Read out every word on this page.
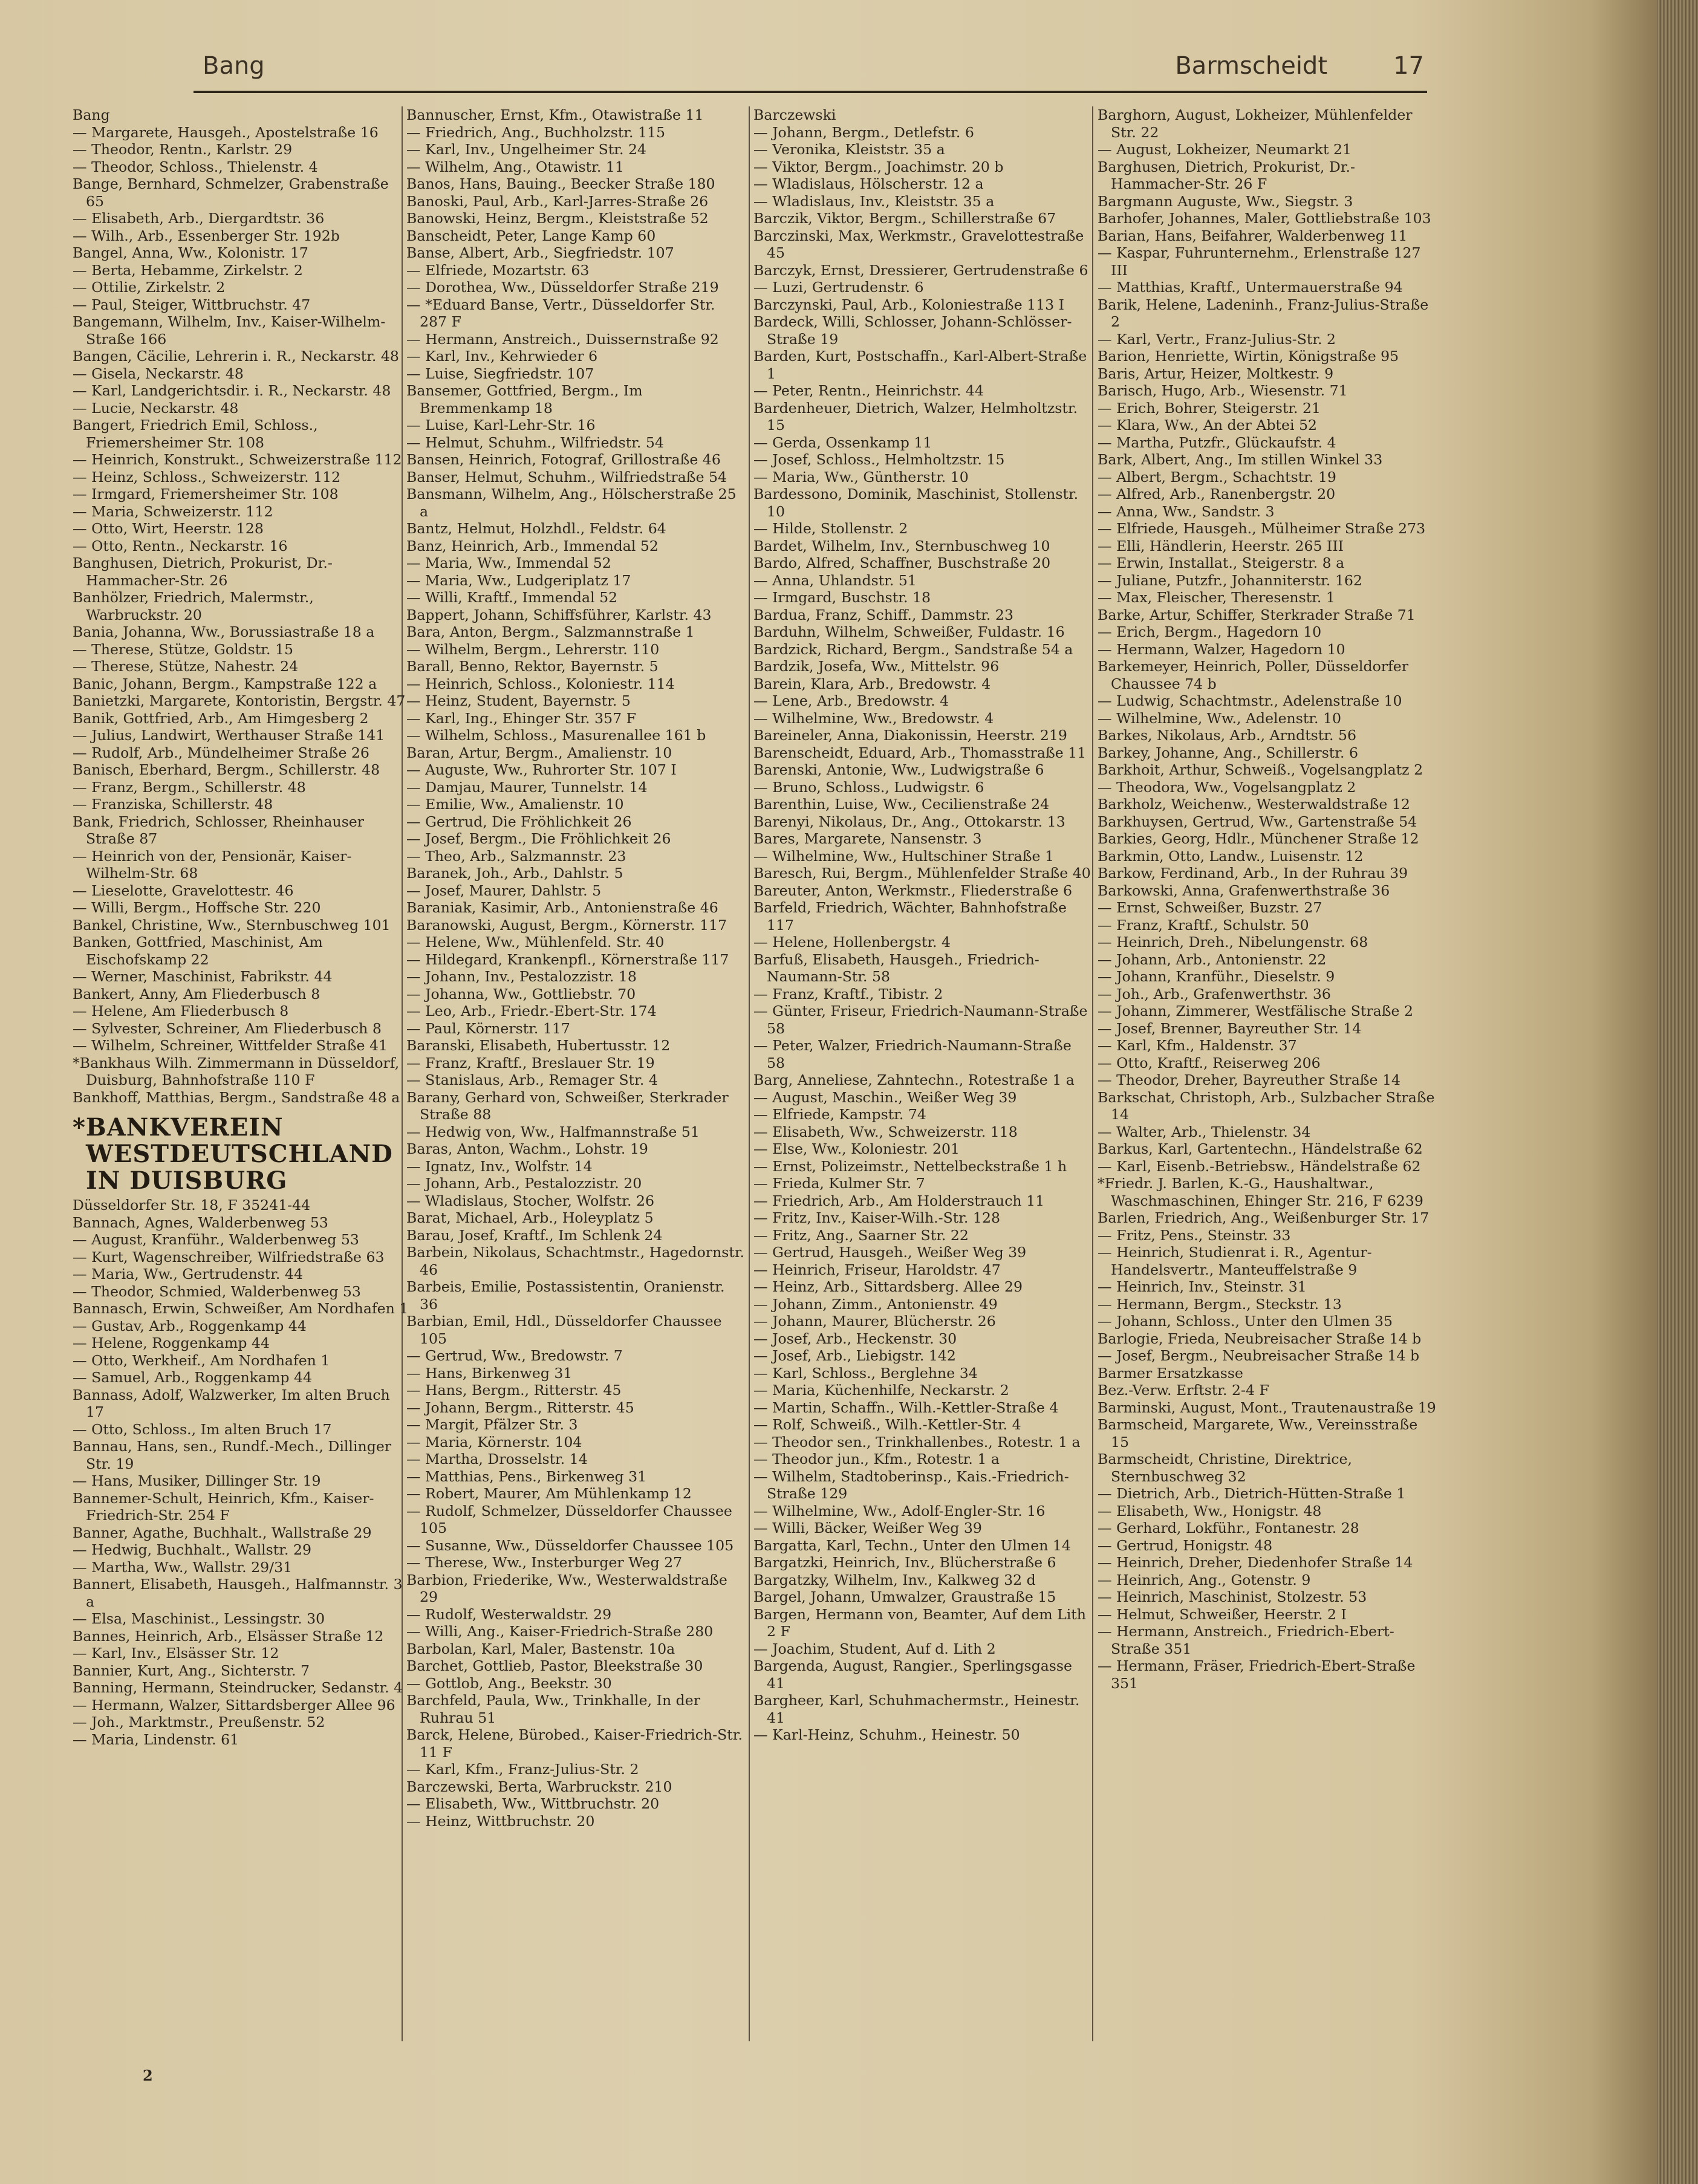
Bang	Barmscheidt	17

Bang

— Margarete, Hausgeh., Apostelstraße 16

— Theodor, Rentn., Karlstr. 29

— Theodor, Schloss., Thielenstr. 4

Bange, Bernhard, Schmelzer, Grabenstraße 65

— Elisabeth, Arb., Diergardtstr. 36

— Wilh., Arb., Essenberger Str. 192b

Bangel, Anna, Ww., Kolonistr. 17

— Berta, Hebamme, Zirkelstr. 2

— Ottilie, Zirkelstr. 2

— Paul, Steiger, Wittbruchstr. 47

Bangemann, Wilhelm, Inv., Kaiser-Wilhelm-Straße 166

Bangen, Cäcilie, Lehrerin i. R., Neckarstr. 48

— Gisela, Neckarstr. 48

— Karl, Landgerichtsdir. i. R., Neckarstr. 48

— Lucie, Neckarstr. 48

Bangert, Friedrich Emil, Schloss., Friemersheimer Str. 108

— Heinrich, Konstrukt., Schweizerstraße 112

— Heinz, Schloss., Schweizerstr. 112

— Irmgard, Friemersheimer Str. 108

— Maria, Schweizerstr. 112

— Otto, Wirt, Heerstr. 128

— Otto, Rentn., Neckarstr. 16

Banghusen, Dietrich, Prokurist, Dr.-Hammacher-Str. 26

Banhölzer, Friedrich, Malermstr., Warbruckstr. 20

Bania, Johanna, Ww., Borussiastraße 18 a

— Therese, Stütze, Goldstr. 15

— Therese, Stütze, Nahestr. 24

Banic, Johann, Bergm., Kampstraße 122 a

Banietzki, Margarete, Kontoristin, Bergstr. 47

Banik, Gottfried, Arb., Am Himgesberg 2

— Julius, Landwirt, Werthauser Straße 141

— Rudolf, Arb., Mündelheimer Straße 26

Banisch, Eberhard, Bergm., Schillerstr. 48

— Franz, Bergm., Schillerstr. 48

— Franziska, Schillerstr. 48

Bank, Friedrich, Schlosser, Rheinhauser Straße 87

— Heinrich von der, Pensionär, Kaiser-Wilhelm-Str. 68

— Lieselotte, Gravelottestr. 46

— Willi, Bergm., Hoffsche Str. 220

Bankel, Christine, Ww., Sternbuschweg 101

Banken, Gottfried, Maschinist, Am Eischofskamp 22

— Werner, Maschinist, Fabrikstr. 44

Bankert, Anny, Am Fliederbusch 8

— Helene, Am Fliederbusch 8

— Sylvester, Schreiner, Am Fliederbusch 8

— Wilhelm, Schreiner, Wittfelder Straße 41

*Bankhaus Wilh. Zimmermann in Düsseldorf, Duisburg, Bahnhofstraße 110 F

Bankhoff, Matthias, Bergm., Sandstraße 48 a

*BANKVEREIN WESTDEUTSCHLAND IN DUISBURG

Düsseldorfer Str. 18, F 35241-44

Bannach, Agnes, Walderbenweg 53

— August, Kranführ., Walderbenweg 53

— Kurt, Wagenschreiber, Wilfriedstraße 63

— Maria, Ww., Gertrudenstr. 44

— Theodor, Schmied, Walderbenweg 53

Bannasch, Erwin, Schweißer, Am Nordhafen 1

— Gustav, Arb., Roggenkamp 44

— Helene, Roggenkamp 44

— Otto, Werkheif., Am Nordhafen 1

— Samuel, Arb., Roggenkamp 44

Bannass, Adolf, Walzwerker, Im alten Bruch 17

— Otto, Schloss., Im alten Bruch 17

Bannau, Hans, sen., Rundf.-Mech., Dillinger Str. 19

— Hans, Musiker, Dillinger Str. 19

Bannemer-Schult, Heinrich, Kfm., Kaiser-Friedrich-Str. 254 F

Banner, Agathe, Buchhalt., Wallstraße 29

— Hedwig, Buchhalt., Wallstr. 29

— Martha, Ww., Wallstr. 29/31

Bannert, Elisabeth, Hausgeh., Halfmannstr. 3 a

— Elsa, Maschinist., Lessingstr. 30

Bannes, Heinrich, Arb., Elsässer Straße 12

— Karl, Inv., Elsässer Str. 12

Bannier, Kurt, Ang., Sichterstr. 7

Banning, Hermann, Steindrucker, Sedanstr. 4

— Hermann, Walzer, Sittardsberger Allee 96

— Joh., Marktmstr., Preußenstr. 52

— Maria, Lindenstr. 61

Bannuscher, Ernst, Kfm., Otawistraße 11

— Friedrich, Ang., Buchholzstr. 115

— Karl, Inv., Ungelheimer Str. 24

— Wilhelm, Ang., Otawistr. 11

Banos, Hans, Bauing., Beecker Straße 180

Banoski, Paul, Arb., Karl-Jarres-Straße 26

Banowski, Heinz, Bergm., Kleiststraße 52

Banscheidt, Peter, Lange Kamp 60

Banse, Albert, Arb., Siegfriedstr. 107

— Elfriede, Mozartstr. 63

— Dorothea, Ww., Düsseldorfer Straße 219

— *Eduard Banse, Vertr., Düsseldorfer Str. 287 F

— Hermann, Anstreich., Duissernstraße 92

— Karl, Inv., Kehrwieder 6

— Luise, Siegfriedstr. 107

Bansemer, Gottfried, Bergm., Im Bremmenkamp 18

— Luise, Karl-Lehr-Str. 16

— Helmut, Schuhm., Wilfriedstr. 54

Bansen, Heinrich, Fotograf, Grillostraße 46

Banser, Helmut, Schuhm., Wilfriedstraße 54

Bansmann, Wilhelm, Ang., Hölscherstraße 25 a

Bantz, Helmut, Holzhdl., Feldstr. 64

Banz, Heinrich, Arb., Immendal 52

— Maria, Ww., Immendal 52

— Maria, Ww., Ludgeriplatz 17

— Willi, Kraftf., Immendal 52

Bappert, Johann, Schiffsführer, Karlstr. 43

Bara, Anton, Bergm., Salzmannstraße 1

— Wilhelm, Bergm., Lehrerstr. 110

Barall, Benno, Rektor, Bayernstr. 5

— Heinrich, Schloss., Koloniestr. 114

— Heinz, Student, Bayernstr. 5

— Karl, Ing., Ehinger Str. 357 F

— Wilhelm, Schloss., Masurenallee 161 b

Baran, Artur, Bergm., Amalienstr. 10

— Auguste, Ww., Ruhrorter Str. 107 I

— Damjau, Maurer, Tunnelstr. 14

— Emilie, Ww., Amalienstr. 10

— Gertrud, Die Fröhlichkeit 26

— Josef, Bergm., Die Fröhlichkeit 26

— Theo, Arb., Salzmannstr. 23

Baranek, Joh., Arb., Dahlstr. 5

— Josef, Maurer, Dahlstr. 5

Baraniak, Kasimir, Arb., Antonienstraße 46

Baranowski, August, Bergm., Körnerstr. 117

— Helene, Ww., Mühlenfeld. Str. 40

— Hildegard, Krankenpfl., Körnerstraße 117

— Johann, Inv., Pestalozzistr. 18

— Johanna, Ww., Gottliebstr. 70

— Leo, Arb., Friedr.-Ebert-Str. 174

— Paul, Körnerstr. 117

Baranski, Elisabeth, Hubertusstr. 12

— Franz, Kraftf., Breslauer Str. 19

— Stanislaus, Arb., Remager Str. 4

Barany, Gerhard von, Schweißer, Sterkrader Straße 88

— Hedwig von, Ww., Halfmannstraße 51

Baras, Anton, Wachm., Lohstr. 19

— Ignatz, Inv., Wolfstr. 14

— Johann, Arb., Pestalozzistr. 20

— Wladislaus, Stocher, Wolfstr. 26

Barat, Michael, Arb., Holeyplatz 5

Barau, Josef, Kraftf., Im Schlenk 24

Barbein, Nikolaus, Schachtmstr., Hagedornstr. 46

Barbeis, Emilie, Postassistentin, Oranienstr. 36

Barbian, Emil, Hdl., Düsseldorfer Chaussee 105

— Gertrud, Ww., Bredowstr. 7

— Hans, Birkenweg 31

— Hans, Bergm., Ritterstr. 45

— Johann, Bergm., Ritterstr. 45

— Margit, Pfälzer Str. 3

— Maria, Körnerstr. 104

— Martha, Drosselstr. 14

— Matthias, Pens., Birkenweg 31

— Robert, Maurer, Am Mühlenkamp 12

— Rudolf, Schmelzer, Düsseldorfer Chaussee 105

— Susanne, Ww., Düsseldorfer Chaussee 105

— Therese, Ww., Insterburger Weg 27

Barbion, Friederike, Ww., Westerwaldstraße 29

— Rudolf, Westerwaldstr. 29

— Willi, Ang., Kaiser-Friedrich-Straße 280

Barbolan, Karl, Maler, Bastenstr. 10a

Barchet, Gottlieb, Pastor, Bleekstraße 30

— Gottlob, Ang., Beekstr. 30

Barchfeld, Paula, Ww., Trinkhalle, In der Ruhrau 51

Barck, Helene, Bürobed., Kaiser-Friedrich-Str. 11 F

— Karl, Kfm., Franz-Julius-Str. 2

Barczewski, Berta, Warbruckstr. 210

— Elisabeth, Ww., Wittbruchstr. 20

— Heinz, Wittbruchstr. 20

Barczewski

— Johann, Bergm., Detlefstr. 6

— Veronika, Kleiststr. 35 a

— Viktor, Bergm., Joachimstr. 20 b

— Wladislaus, Hölscherstr. 12 a

— Wladislaus, Inv., Kleiststr. 35 a

Barczik, Viktor, Bergm., Schillerstraße 67

Barczinski, Max, Werkmstr., Gravelottestraße 45

Barczyk, Ernst, Dressierer, Gertrudenstraße 6

— Luzi, Gertrudenstr. 6

Barczynski, Paul, Arb., Koloniestraße 113 I

Bardeck, Willi, Schlosser, Johann-Schlösser-Straße 19

Barden, Kurt, Postschaffn., Karl-Albert-Straße 1

— Peter, Rentn., Heinrichstr. 44

Bardenheuer, Dietrich, Walzer, Helmholtzstr. 15

— Gerda, Ossenkamp 11

— Josef, Schloss., Helmholtzstr. 15

— Maria, Ww., Güntherstr. 10

Bardessono, Dominik, Maschinist, Stollenstr. 10

— Hilde, Stollenstr. 2

Bardet, Wilhelm, Inv., Sternbuschweg 10

Bardo, Alfred, Schaffner, Buschstraße 20

— Anna, Uhlandstr. 51

— Irmgard, Buschstr. 18

Bardua, Franz, Schiff., Dammstr. 23

Barduhn, Wilhelm, Schweißer, Fuldastr. 16

Bardzick, Richard, Bergm., Sandstraße 54 a

Bardzik, Josefa, Ww., Mittelstr. 96

Barein, Klara, Arb., Bredowstr. 4

— Lene, Arb., Bredowstr. 4

— Wilhelmine, Ww., Bredowstr. 4

Bareineler, Anna, Diakonissin, Heerstr. 219

Barenscheidt, Eduard, Arb., Thomasstraße 11

Barenski, Antonie, Ww., Ludwigstraße 6

— Bruno, Schloss., Ludwigstr. 6

Barenthin, Luise, Ww., Cecilienstraße 24

Barenyi, Nikolaus, Dr., Ang., Ottokarstr. 13

Bares, Margarete, Nansenstr. 3

— Wilhelmine, Ww., Hultschiner Straße 1

Baresch, Rui, Bergm., Mühlenfelder Straße 40

Bareuter, Anton, Werkmstr., Fliederstraße 6

Barfeld, Friedrich, Wächter, Bahnhofstraße 117

— Helene, Hollenbergstr. 4

Barfuß, Elisabeth, Hausgeh., Friedrich-Naumann-Str. 58

— Franz, Kraftf., Tibistr. 2

— Günter, Friseur, Friedrich-Naumann-Straße 58

— Peter, Walzer, Friedrich-Naumann-Straße 58

Barg, Anneliese, Zahntechn., Rotestraße 1 a

— August, Maschin., Weißer Weg 39

— Elfriede, Kampstr. 74

— Elisabeth, Ww., Schweizerstr. 118

— Else, Ww., Koloniestr. 201

— Ernst, Polizeimstr., Nettelbeckstraße 1 h

— Frieda, Kulmer Str. 7

— Friedrich, Arb., Am Holderstrauch 11

— Fritz, Inv., Kaiser-Wilh.-Str. 128

— Fritz, Ang., Saarner Str. 22

— Gertrud, Hausgeh., Weißer Weg 39

— Heinrich, Friseur, Haroldstr. 47

— Heinz, Arb., Sittardsberg. Allee 29

— Johann, Zimm., Antonienstr. 49

— Johann, Maurer, Blücherstr. 26

— Josef, Arb., Heckenstr. 30

— Josef, Arb., Liebigstr. 142

— Karl, Schloss., Berglehne 34

— Maria, Küchenhilfe, Neckarstr. 2

— Martin, Schaffn., Wilh.-Kettler-Straße 4

— Rolf, Schweiß., Wilh.-Kettler-Str. 4

— Theodor sen., Trinkhallenbes., Rotestr. 1 a

— Theodor jun., Kfm., Rotestr. 1 a

— Wilhelm, Stadtoberinsp., Kais.-Friedrich-Straße 129

— Wilhelmine, Ww., Adolf-Engler-Str. 16

— Willi, Bäcker, Weißer Weg 39

Bargatta, Karl, Techn., Unter den Ulmen 14

Bargatzki, Heinrich, Inv., Blücherstraße 6

Bargatzky, Wilhelm, Inv., Kalkweg 32 d

Bargel, Johann, Umwalzer, Graustraße 15

Bargen, Hermann von, Beamter, Auf dem Lith 2 F

— Joachim, Student, Auf d. Lith 2

Bargenda, August, Rangier., Sperlingsgasse 41

Bargheer, Karl, Schuhmachermstr., Heinestr. 41

— Karl-Heinz, Schuhm., Heinestr. 50

Barghorn, August, Lokheizer, Mühlenfelder Str. 22

— August, Lokheizer, Neumarkt 21

Barghusen, Dietrich, Prokurist, Dr.-Hammacher-Str. 26 F

Bargmann Auguste, Ww., Siegstr. 3

Barhofer, Johannes, Maler, Gottliebstraße 103

Barian, Hans, Beifahrer, Walderbenweg 11

— Kaspar, Fuhrunternehm., Erlenstraße 127 III

— Matthias, Kraftf., Untermauerstraße 94

Barik, Helene, Ladeninh., Franz-Julius-Straße 2

— Karl, Vertr., Franz-Julius-Str. 2

Barion, Henriette, Wirtin, Königstraße 95

Baris, Artur, Heizer, Moltkestr. 9

Barisch, Hugo, Arb., Wiesenstr. 71

— Erich, Bohrer, Steigerstr. 21

— Klara, Ww., An der Abtei 52

— Martha, Putzfr., Glückaufstr. 4

Bark, Albert, Ang., Im stillen Winkel 33

— Albert, Bergm., Schachtstr. 19

— Alfred, Arb., Ranenbergstr. 20

— Anna, Ww., Sandstr. 3

— Elfriede, Hausgeh., Mülheimer Straße 273

— Elli, Händlerin, Heerstr. 265 III

— Erwin, Installat., Steigerstr. 8 a

— Juliane, Putzfr., Johanniterstr. 162

— Max, Fleischer, Theresenstr. 1

Barke, Artur, Schiffer, Sterkrader Straße 71

— Erich, Bergm., Hagedorn 10

— Hermann, Walzer, Hagedorn 10

Barkemeyer, Heinrich, Poller, Düsseldorfer Chaussee 74 b

— Ludwig, Schachtmstr., Adelenstraße 10

— Wilhelmine, Ww., Adelenstr. 10

Barkes, Nikolaus, Arb., Arndtstr. 56

Barkey, Johanne, Ang., Schillerstr. 6

Barkhoit, Arthur, Schweiß., Vogelsangplatz 2

— Theodora, Ww., Vogelsangplatz 2

Barkholz, Weichenw., Westerwaldstraße 12

Barkhuysen, Gertrud, Ww., Gartenstraße 54

Barkies, Georg, Hdlr., Münchener Straße 12

Barkmin, Otto, Landw., Luisenstr. 12

Barkow, Ferdinand, Arb., In der Ruhrau 39

Barkowski, Anna, Grafenwerthstraße 36

— Ernst, Schweißer, Buzstr. 27

— Franz, Kraftf., Schulstr. 50

— Heinrich, Dreh., Nibelungenstr. 68

— Johann, Arb., Antonienstr. 22

— Johann, Kranführ., Dieselstr. 9

— Joh., Arb., Grafenwerthstr. 36

— Johann, Zimmerer, Westfälische Straße 2

— Josef, Brenner, Bayreuther Str. 14

— Karl, Kfm., Haldenstr. 37

— Otto, Kraftf., Reiserweg 206

— Theodor, Dreher, Bayreuther Straße 14

Barkschat, Christoph, Arb., Sulzbacher Straße 14

— Walter, Arb., Thielenstr. 34

Barkus, Karl, Gartentechn., Händelstraße 62

— Karl, Eisenb.-Betriebsw., Händelstraße 62

*Friedr. J. Barlen, K.-G., Haushaltwar., Waschmaschinen, Ehinger Str. 216, F 6239

Barlen, Friedrich, Ang., Weißenburger Str. 17

— Fritz, Pens., Steinstr. 33

— Heinrich, Studienrat i. R., Agentur-Handelsvertr., Manteuffelstraße 9

— Heinrich, Inv., Steinstr. 31

— Hermann, Bergm., Steckstr. 13

— Johann, Schloss., Unter den Ulmen 35

Barlogie, Frieda, Neubreisacher Straße 14 b

— Josef, Bergm., Neubreisacher Straße 14 b

Barmer Ersatzkasse

Bez.-Verw. Erftstr. 2-4 F

Barminski, August, Mont., Trautenaustraße 19

Barmscheid, Margarete, Ww., Vereinsstraße 15

Barmscheidt, Christine, Direktrice, Sternbuschweg 32

— Dietrich, Arb., Dietrich-Hütten-Straße 1

— Elisabeth, Ww., Honigstr. 48

— Gerhard, Lokführ., Fontanestr. 28

— Gertrud, Honigstr. 48

— Heinrich, Dreher, Diedenhofer Straße 14

— Heinrich, Ang., Gotenstr. 9

— Heinrich, Maschinist, Stolzestr. 53

— Helmut, Schweißer, Heerstr. 2 I

— Hermann, Anstreich., Friedrich-Ebert-Straße 351

— Hermann, Fräser, Friedrich-Ebert-Straße 351

2
